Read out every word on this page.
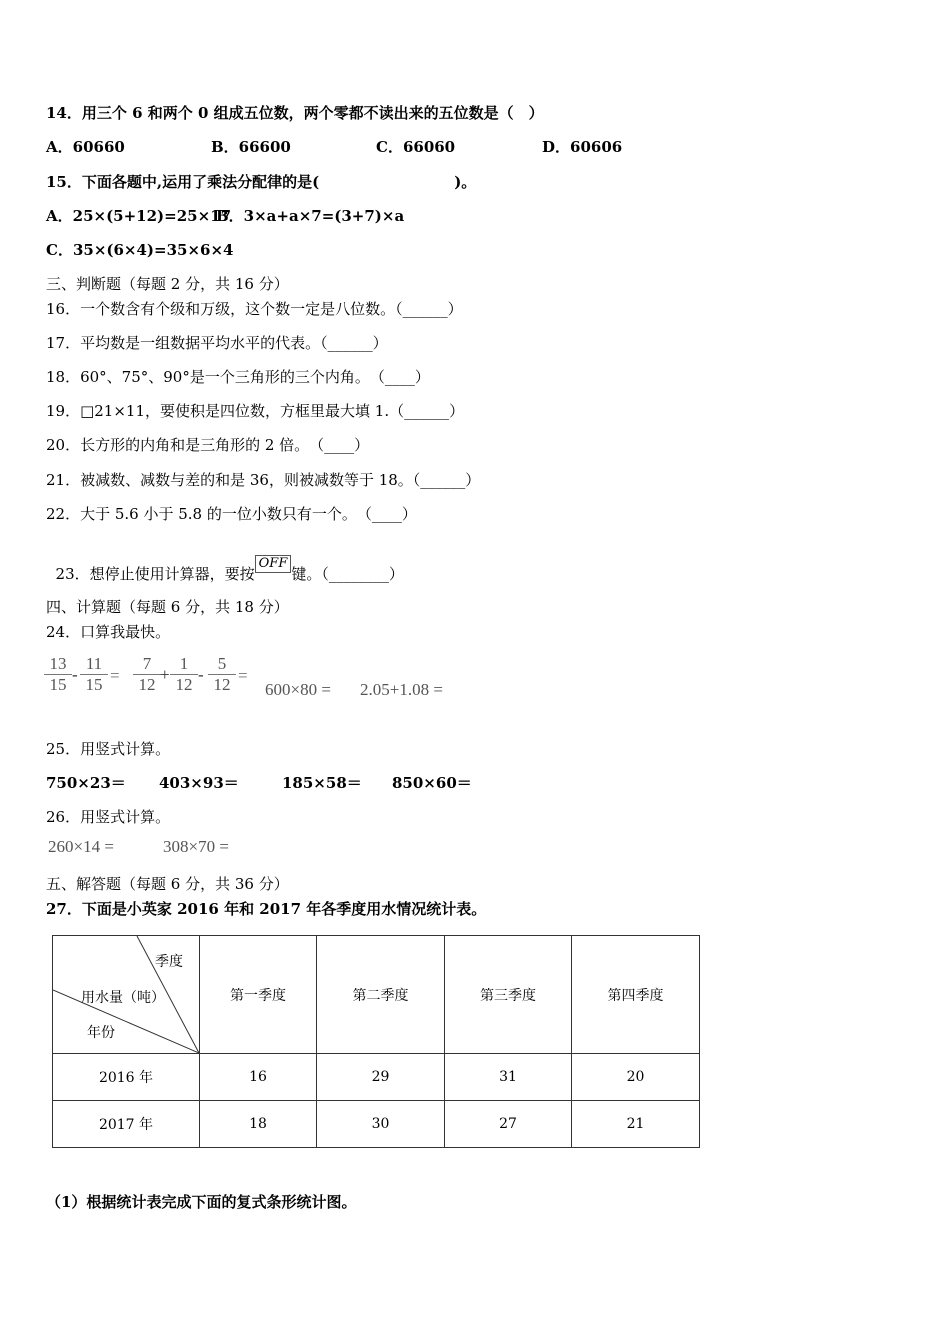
14．用三个 6 和两个 0 组成五位数，两个零都不读出来的五位数是（　）
A．60660	B．66600	C．66060	D．60606
15．下面各题中,运用了乘法分配律的是(　　　　　　　　　)。
A．25×(5+12)=25×17
B．3×a+a×7=(3+7)×a
C．35×(6×4)=35×6×4
三、判断题（每题 2 分，共 16 分）
16．一个数含有个级和万级，这个数一定是八位数。（______）
17．平均数是一组数据平均水平的代表。（______）
18．60°、75°、90°是一个三角形的三个内角。　（____）
19．□21×11，要使积是四位数，方框里最大填 1.（______）
20．长方形的内角和是三角形的 2 倍。　（____）
21．被减数、减数与差的和是 36，则被减数等于 18。（______）
22．大于 5.6 小于 5.8 的一位小数只有一个。　（____）

23．想停止使用计算器，要按OFF键。（________）

四、计算题（每题 6 分，共 18 分）
24．口算我最快。
$\frac{13}{15} - \frac{11}{15} = \frac{7}{12} + \frac{1}{12} - \frac{5}{12}$ =
600×80 = 2.05+1.08 =
25．用竖式计算。
750×23＝ 403×93＝	185×58＝ 850×60＝
26．用竖式计算。
260×14 =	308×70 =
五、解答题（每题 6 分，共 36 分）
27．下面是小英家 2016 年和 2017 年各季度用水情况统计表。
季度
用水量（吨）
年份	第一季度	第二季度	第三季度	第四季度
2016 年	16	29	31	20
2017 年	18	30	27	21
（1）根据统计表完成下面的复式条形统计图。
